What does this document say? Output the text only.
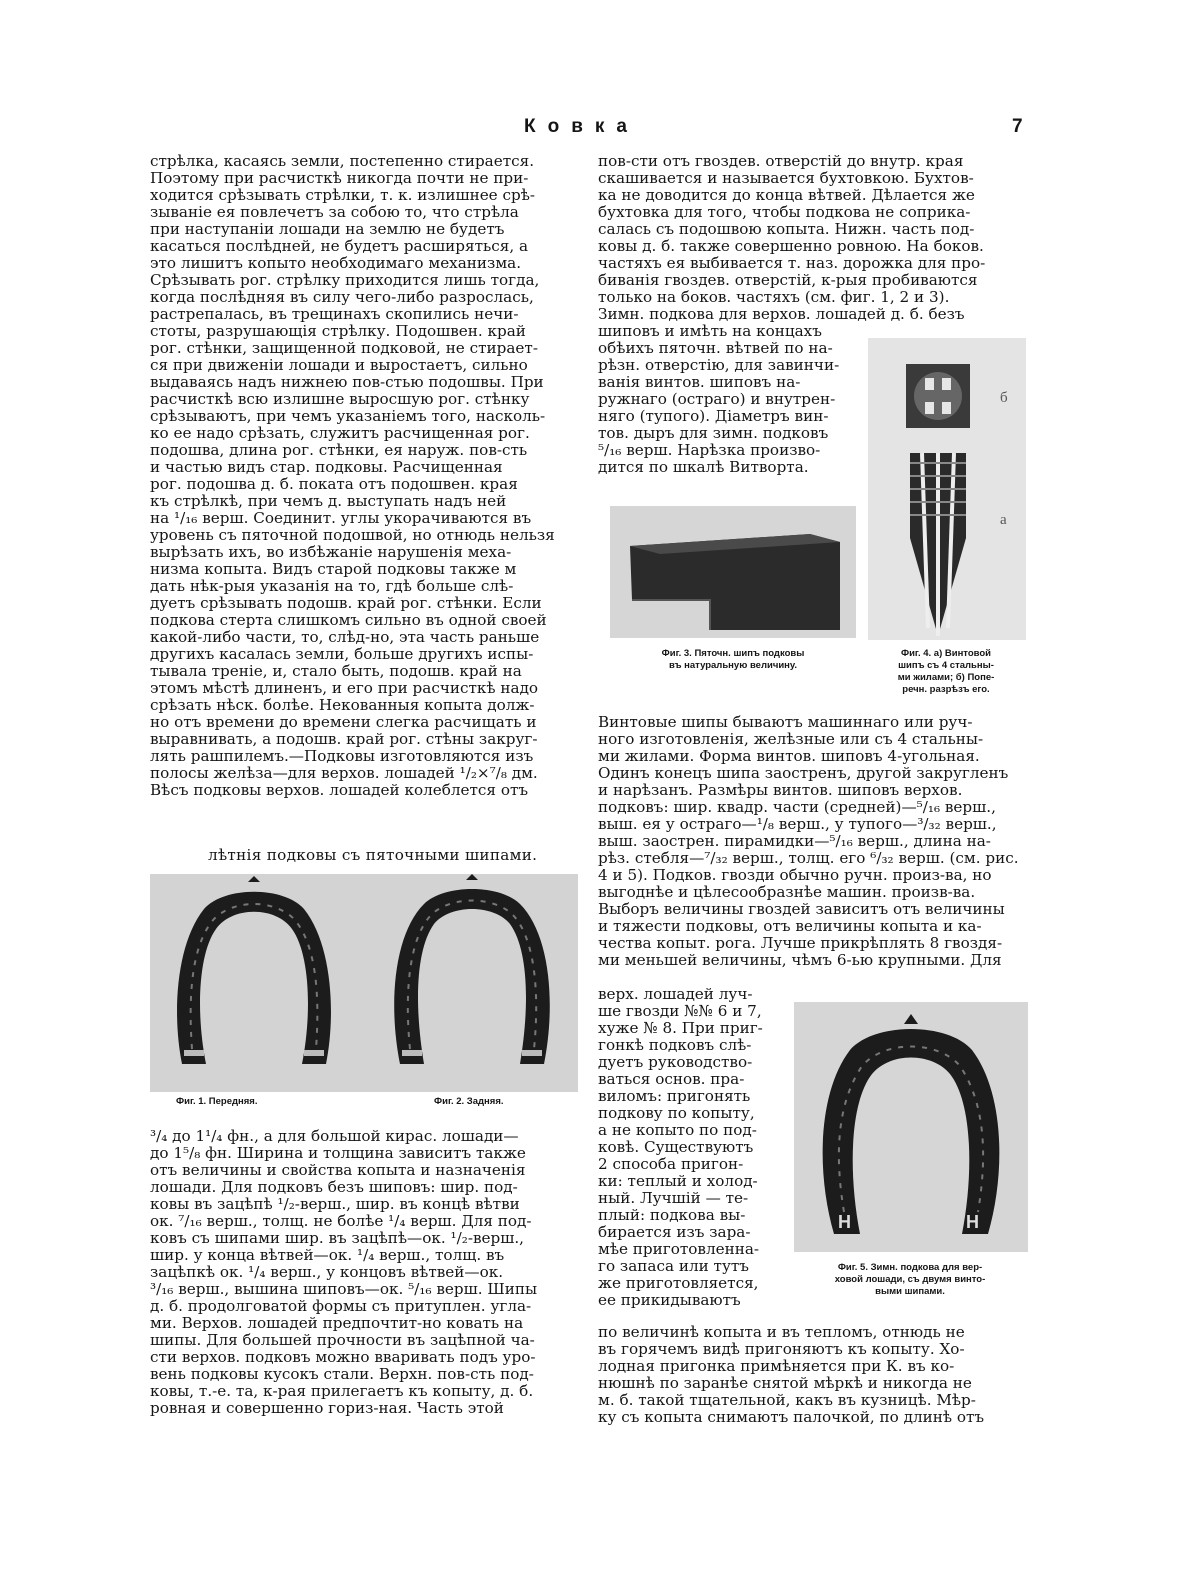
Ковка	7
стрѣлка, касаясь земли, постепенно стирается.
Поэтому при расчисткѣ никогда почти не при-
ходится срѣзывать стрѣлки, т. к. излишнее срѣ-
зываніе ея повлечетъ за собою то, что стрѣла
при наступаніи лошади на землю не будетъ
касаться послѣдней, не будетъ расширяться, а
это лишитъ копыто необходимаго механизма.
Срѣзывать рог. стрѣлку приходится лишь тогда,
когда послѣдняя въ силу чего-либо разрослась,
растрепалась, въ трещинахъ скопились нечи-
стоты, разрушающія стрѣлку. Подошвен. край
рог. стѣнки, защищенной подковой, не стирает-
ся при движеніи лошади и выростаетъ, сильно
выдаваясь надъ нижнею пов-стью подошвы. При
расчисткѣ всю излишне выросшую рог. стѣнку
срѣзываютъ, при чемъ указаніемъ того, насколь-
ко ее надо срѣзать, служитъ расчищенная рог.
подошва, длина рог. стѣнки, ея наруж. пов-сть
и частью видъ стар. подковы. Расчищенная
рог. подошва д. б. поката отъ подошвен. края
къ стрѣлкѣ, при чемъ д. выступать надъ ней
на ¹/₁₆ верш. Соединит. углы укорачиваются въ
уровень съ пяточной подошвой, но отнюдь нельзя
вырѣзать ихъ, во избѣжаніе нарушенія меха-
низма копыта. Видъ старой подковы также м
дать нѣк-рыя указанія на то, гдѣ больше слѣ-
дуетъ срѣзывать подошв. край рог. стѣнки. Если
подкова стерта слишкомъ сильно въ одной своей
какой-либо части, то, слѣд-но, эта часть раньше
другихъ касалась земли, больше другихъ испы-
тывала треніе, и, стало быть, подошв. край на
этомъ мѣстѣ длиненъ, и его при расчисткѣ надо
срѣзать нѣск. болѣе. Некованныя копыта долж-
но отъ времени до времени слегка расчищать и
выравнивать, а подошв. край рог. стѣны закруг-
лять рашпилемъ.—Подковы изготовляются изъ
полосы желѣза—для верхов. лошадей ¹/₂×⁷/₈ дм.
Вѣсъ подковы верхов. лошадей колеблется отъ
лѣтнія подковы съ пяточными шипами.
Фиг. 1. Передняя.	Фиг. 2. Задняя.
³/₄ до 1¹/₄ фн., а для большой кирас. лошади—
до 1⁵/₈ фн. Ширина и толщина зависитъ также
отъ величины и свойства копыта и назначенія
лошади. Для подковъ безъ шиповъ: шир. под-
ковы въ зацѣпѣ ¹/₂-верш., шир. въ концѣ вѣтви
ок. ⁷/₁₆ верш., толщ. не болѣе ¹/₄ верш. Для под-
ковъ съ шипами шир. въ зацѣпѣ—ок. ¹/₂-верш.,
шир. у конца вѣтвей—ок. ¹/₄ верш., толщ. въ
зацѣпкѣ ок. ¹/₄ верш., у концовъ вѣтвей—ок.
³/₁₆ верш., вышина шиповъ—ок. ⁵/₁₆ верш. Шипы
д. б. продолговатой формы съ притуплен. угла-
ми. Верхов. лошадей предпочтит-но ковать на
шипы. Для большей прочности въ зацѣпной ча-
сти верхов. подковъ можно вваривать подъ уро-
вень подковы кусокъ стали. Верхн. пов-сть под-
ковы, т.-е. та, к-рая прилегаетъ къ копыту, д. б.
ровная и совершенно гориз-ная. Часть этой
пов-сти отъ гвоздев. отверстій до внутр. края
скашивается и называется бухтовкою. Бухтов-
ка не доводится до конца вѣтвей. Дѣлается же
бухтовка для того, чтобы подкова не соприка-
салась съ подошвою копыта. Нижн. часть под-
ковы д. б. также совершенно ровною. На боков.
частяхъ ея выбивается т. наз. дорожка для про-
биванія гвоздев. отверстій, к-рыя пробиваются
только на боков. частяхъ (см. фиг. 1, 2 и 3).
Зимн. подкова для верхов. лошадей д. б. безъ
шиповъ и имѣть на концахъ
обѣихъ пяточн. вѣтвей по на-
рѣзн. отверстію, для завинчи-
ванія винтов. шиповъ на-
ружнаго (остраго) и внутрен-
няго (тупого). Діаметръ вин-
тов. дыръ для зимн. подковъ
⁵/₁₆ верш. Нарѣзка произво-
дится по шкалѣ Витворта.
б
а
Фиг. 3. Пяточн. шипъ подковы
въ натуральную величину.
Фиг. 4. а) Винтовой
шипъ съ 4 стальны-
ми жилами; б) Попе-
речн. разрѣзъ его.
Винтовые шипы бываютъ машиннаго или руч-
ного изготовленія, желѣзные или съ 4 стальны-
ми жилами. Форма винтов. шиповъ 4-угольная.
Одинъ конецъ шипа заостренъ, другой закругленъ
и нарѣзанъ. Размѣры винтов. шиповъ верхов.
подковъ: шир. квадр. части (средней)—⁵/₁₆ верш.,
выш. ея у остраго—¹/₈ верш., у тупого—³/₃₂ верш.,
выш. заострен. пирамидки—⁵/₁₆ верш., длина на-
рѣз. стебля—⁷/₃₂ верш., толщ. его ⁶/₃₂ верш. (см. рис.
4 и 5). Подков. гвозди обычно ручн. произ-ва, но
выгоднѣе и цѣлесообразнѣе машин. произв-ва.
Выборъ величины гвоздей зависитъ отъ величины
и тяжести подковы, отъ величины копыта и ка-
чества копыт. рога. Лучше прикрѣплять 8 гвоздя-
ми меньшей величины, чѣмъ 6-ью крупными. Для
верх. лошадей луч-
ше гвозди №№ 6 и 7,
хуже № 8. При приг-
гонкѣ подковъ слѣ-
дуетъ руководство-
ваться основ. пра-
виломъ: пригонять
подкову по копыту,
а не копыто по под-
ковѣ. Существуютъ
2 способа пригон-
ки: теплый и холод-
ный. Лучшій — те-
плый: подкова вы-
бирается изъ зара-
мѣе приготовленна-
го запаса или тутъ
же приготовляется,
ее прикидываютъ
H	H
Фиг. 5. Зимн. подкова для вер-
ховой лошади, съ двумя винто-
выми шипами.
по величинѣ копыта и въ тепломъ, отнюдь не
въ горячемъ видѣ пригоняютъ къ копыту. Хо-
лодная пригонка примѣняется при К. въ ко-
нюшнѣ по заранѣе снятой мѣркѣ и никогда не
м. б. такой тщательной, какъ въ кузницѣ. Мѣр-
ку съ копыта снимаютъ палочкой, по длинѣ отъ
